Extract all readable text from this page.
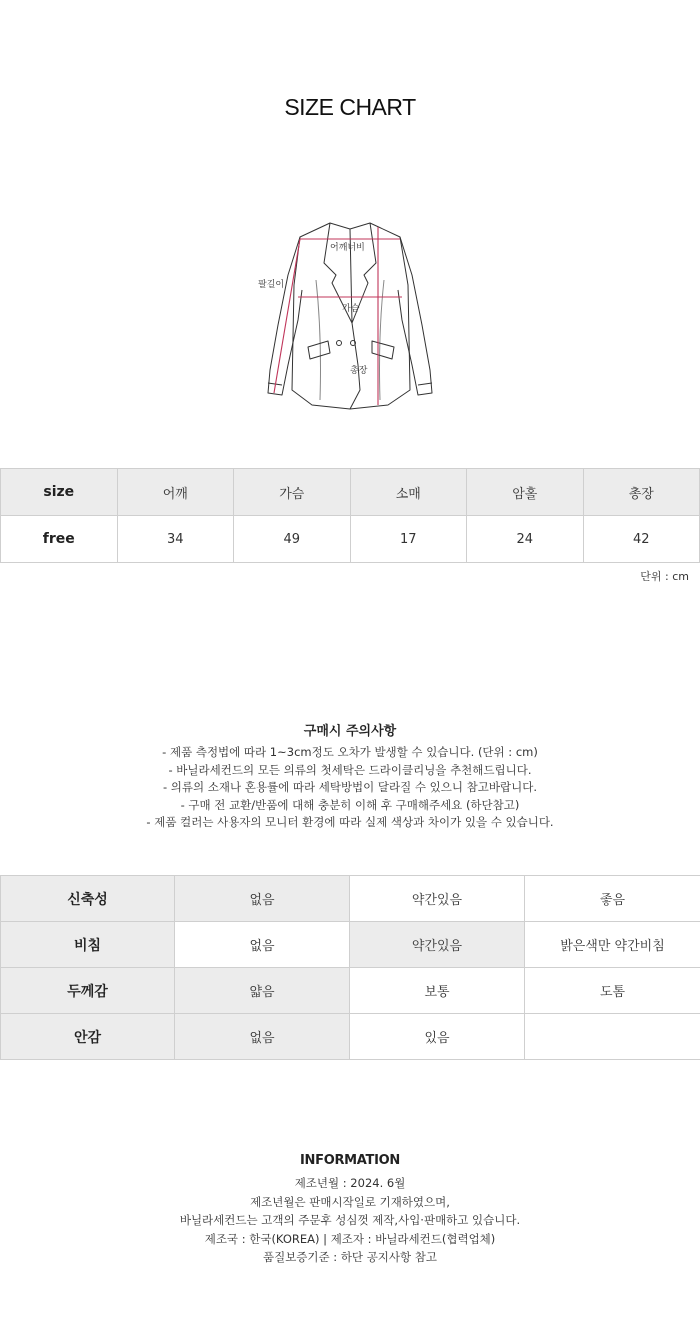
SIZE CHART
어깨너비
가슴
팔길이
총장
size	어깨	가슴	소매	암홀	총장
free	34	49	17	24	42
단위 : cm
구매시 주의사항
- 제품 측정법에 따라 1~3cm정도 오차가 발생할 수 있습니다. (단위 : cm)
- 바닐라세컨드의 모든 의류의 첫세탁은 드라이클리닝을 추천해드립니다.
- 의류의 소재나 혼용률에 따라 세탁방법이 달라질 수 있으니 참고바랍니다.
- 구매 전 교환/반품에 대해 충분히 이해 후 구매해주세요 (하단참고)
- 제품 컬러는 사용자의 모니터 환경에 따라 실제 색상과 차이가 있을 수 있습니다.
신축성	없음	약간있음	좋음
비침	없음	약간있음	밝은색만 약간비침
두께감	얇음	보통	도톰
안감	없음	있음	
INFORMATION
제조년월 : 2024. 6월
제조년월은 판매시작일로 기재하였으며,
바닐라세컨드는 고객의 주문후 성심껏 제작,사입·판매하고 있습니다.
제조국 : 한국(KOREA) | 제조자 : 바닐라세컨드(협력업체)
품질보증기준 : 하단 공지사항 참고
